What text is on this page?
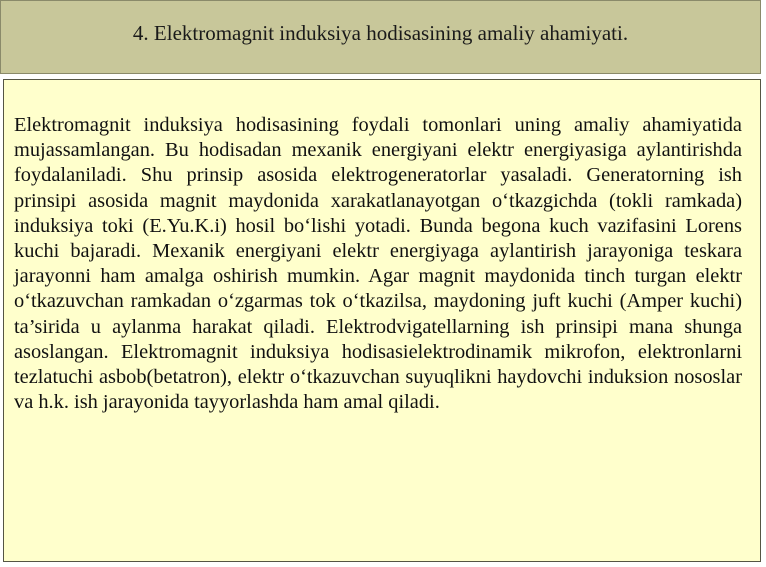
4. Elektromagnit induksiya hodisasining amaliy ahamiyati.

Elektromagnit induksiya hodisasining foydali tomonlari uning amaliy ahamiyatida mujassamlangan. Bu hodisadan mexanik energiyani elektr energiyasiga aylantirishda foydalaniladi. Shu prinsip asosida elektrogeneratorlar yasaladi. Generatorning ish prinsipi asosida magnit maydonida xarakatlanayotgan o‘tkazgichda (tokli ramkada) induksiya toki (E.Yu.K.i) hosil bo‘lishi yotadi. Bunda begona kuch vazifasini Lorens kuchi bajaradi. Mexanik energiyani elektr energiyaga aylantirish jarayoniga teskara jarayonni ham amalga oshirish mumkin. Agar magnit maydonida tinch turgan elektr o‘tkazuvchan ramkadan o‘zgarmas tok o‘tkazilsa, maydoning juft kuchi (Amper kuchi) ta’sirida u aylanma harakat qiladi. Elektrodvigatellarning ish prinsipi mana shunga asoslangan. Elektromagnit induksiya hodisasielektrodinamik mikrofon, elektronlarni tezlatuchi asbob(betatron), elektr o‘tkazuvchan suyuqlikni haydovchi induksion nososlar va h.k. ish jarayonida tayyorlashda ham amal qiladi.
